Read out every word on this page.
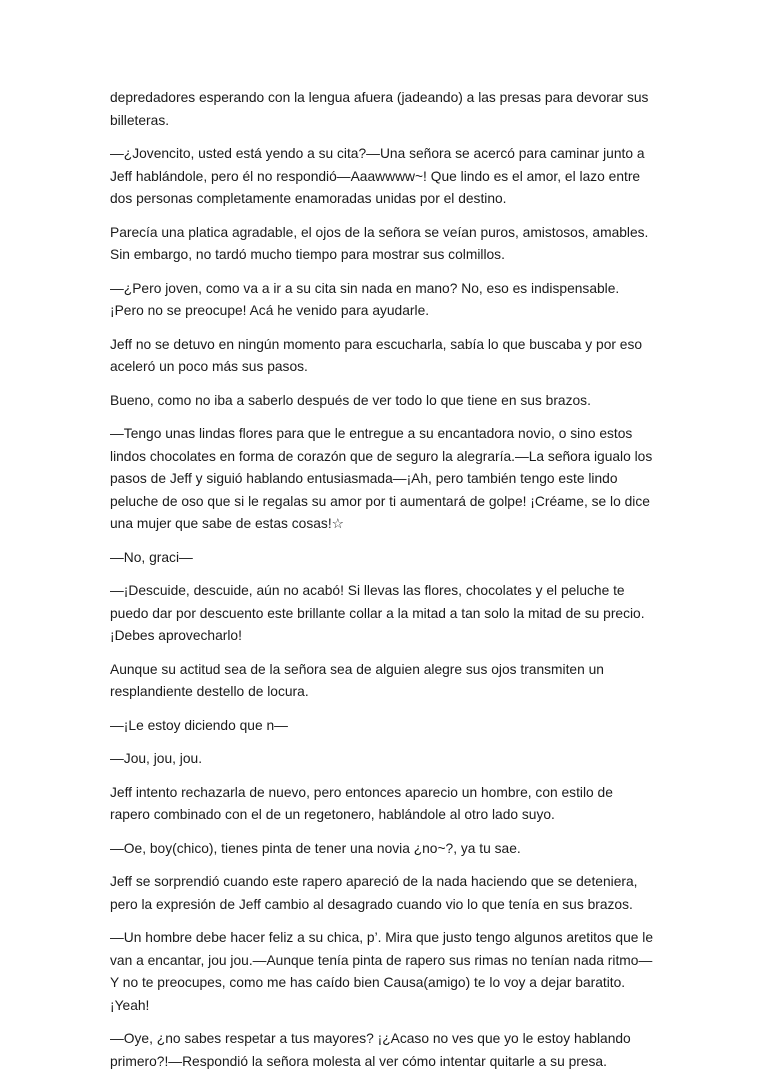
depredadores esperando con la lengua afuera (jadeando) a las presas para devorar sus billeteras.

—¿Jovencito, usted está yendo a su cita?—Una señora se acercó para caminar junto a Jeff hablándole, pero él no respondió—Aaawwww~! Que lindo es el amor, el lazo entre dos personas completamente enamoradas unidas por el destino.

Parecía una platica agradable, el ojos de la señora se veían puros, amistosos, amables. Sin embargo, no tardó mucho tiempo para mostrar sus colmillos.

—¿Pero joven, como va a ir a su cita sin nada en mano? No, eso es indispensable. ¡Pero no se preocupe! Acá he venido para ayudarle.

Jeff no se detuvo en ningún momento para escucharla, sabía lo que buscaba y por eso aceleró un poco más sus pasos.

Bueno, como no iba a saberlo después de ver todo lo que tiene en sus brazos.

—Tengo unas lindas flores para que le entregue a su encantadora novio, o sino estos lindos chocolates en forma de corazón que de seguro la alegraría.—La señora igualo los pasos de Jeff y siguió hablando entusiasmada—¡Ah, pero también tengo este lindo peluche de oso que si le regalas su amor por ti aumentará de golpe! ¡Créame, se lo dice una mujer que sabe de estas cosas!☆

—No, graci—

—¡Descuide, descuide, aún no acabó! Si llevas las flores, chocolates y el peluche te puedo dar por descuento este brillante collar a la mitad a tan solo la mitad de su precio. ¡Debes aprovecharlo!

Aunque su actitud sea de la señora sea de alguien alegre sus ojos transmiten un resplandiente destello de locura.

—¡Le estoy diciendo que n—

—Jou, jou, jou.

Jeff intento rechazarla de nuevo, pero entonces aparecio un hombre, con estilo de rapero combinado con el de un regetonero, hablándole al otro lado suyo.

—Oe, boy(chico), tienes pinta de tener una novia ¿no~?, ya tu sae.

Jeff se sorprendió cuando este rapero apareció de la nada haciendo que se deteniera, pero la expresión de Jeff cambio al desagrado cuando vio lo que tenía en sus brazos.

—Un hombre debe hacer feliz a su chica, p’. Mira que justo tengo algunos aretitos que le van a encantar, jou jou.—Aunque tenía pinta de rapero sus rimas no tenían nada ritmo—Y no te preocupes, como me has caído bien Causa(amigo) te lo voy a dejar baratito. ¡Yeah!

—Oye, ¿no sabes respetar a tus mayores? ¡¿Acaso no ves que yo le estoy hablando primero?!—Respondió la señora molesta al ver cómo intentar quitarle a su presa.
